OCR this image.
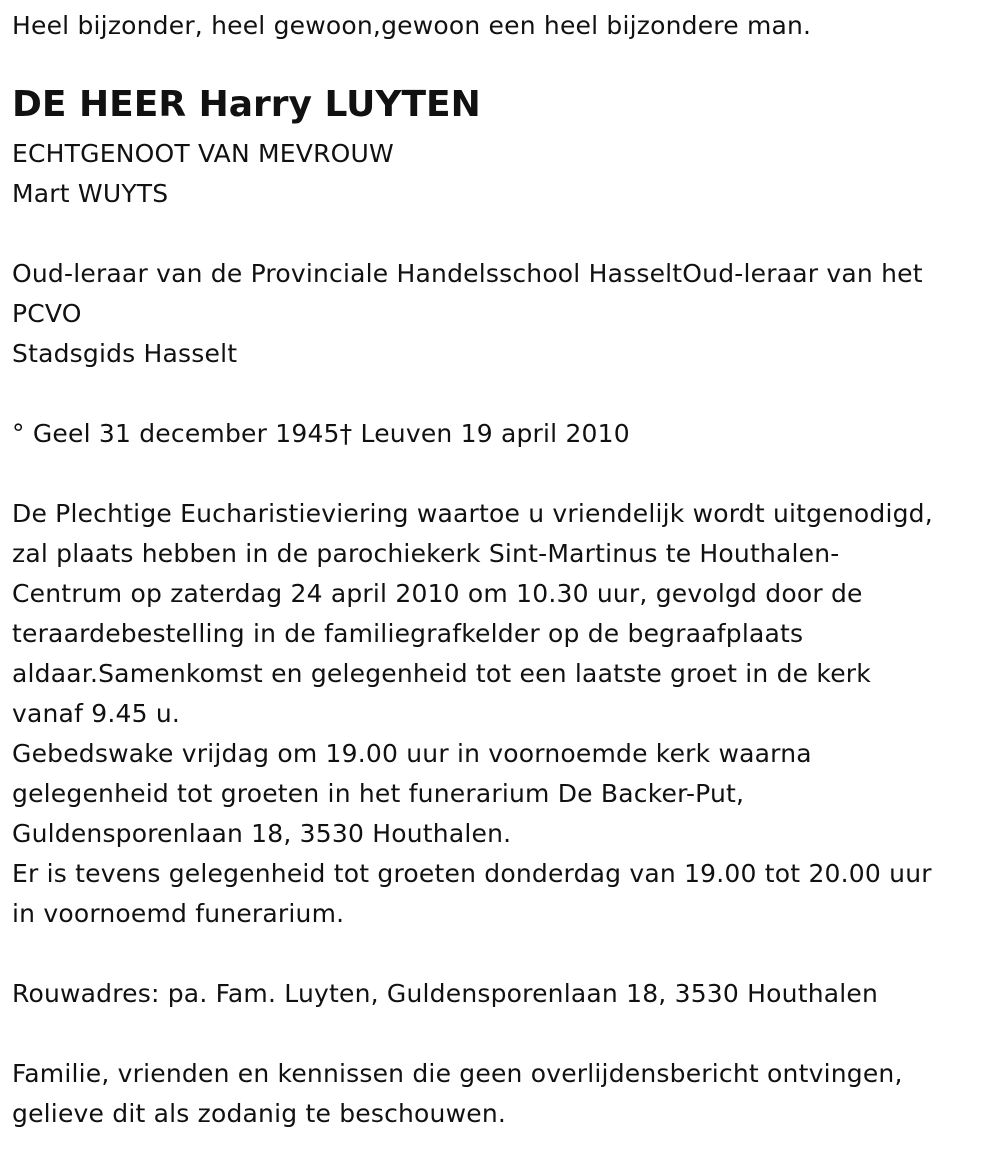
Heel bijzonder, heel gewoon,gewoon een heel bijzondere man.
DE HEER Harry LUYTEN
ECHTGENOOT VAN MEVROUW
Mart WUYTS
Oud-leraar van de Provinciale Handelsschool HasseltOud-leraar van het
PCVO
Stadsgids Hasselt
° Geel 31 december 1945† Leuven 19 april 2010
De Plechtige Eucharistieviering waartoe u vriendelijk wordt uitgenodigd,
zal plaats hebben in de parochiekerk Sint-Martinus te Houthalen-
Centrum op zaterdag 24 april 2010 om 10.30 uur, gevolgd door de
teraardebestelling in de familiegrafkelder op de begraafplaats
aldaar.Samenkomst en gelegenheid tot een laatste groet in de kerk
vanaf 9.45 u.
Gebedswake vrijdag om 19.00 uur in voornoemde kerk waarna
gelegenheid tot groeten in het funerarium De Backer-Put,
Guldensporenlaan 18, 3530 Houthalen.
Er is tevens gelegenheid tot groeten donderdag van 19.00 tot 20.00 uur
in voornoemd funerarium.
Rouwadres: pa. Fam. Luyten, Guldensporenlaan 18, 3530 Houthalen
Familie, vrienden en kennissen die geen overlijdensbericht ontvingen,
gelieve dit als zodanig te beschouwen.
